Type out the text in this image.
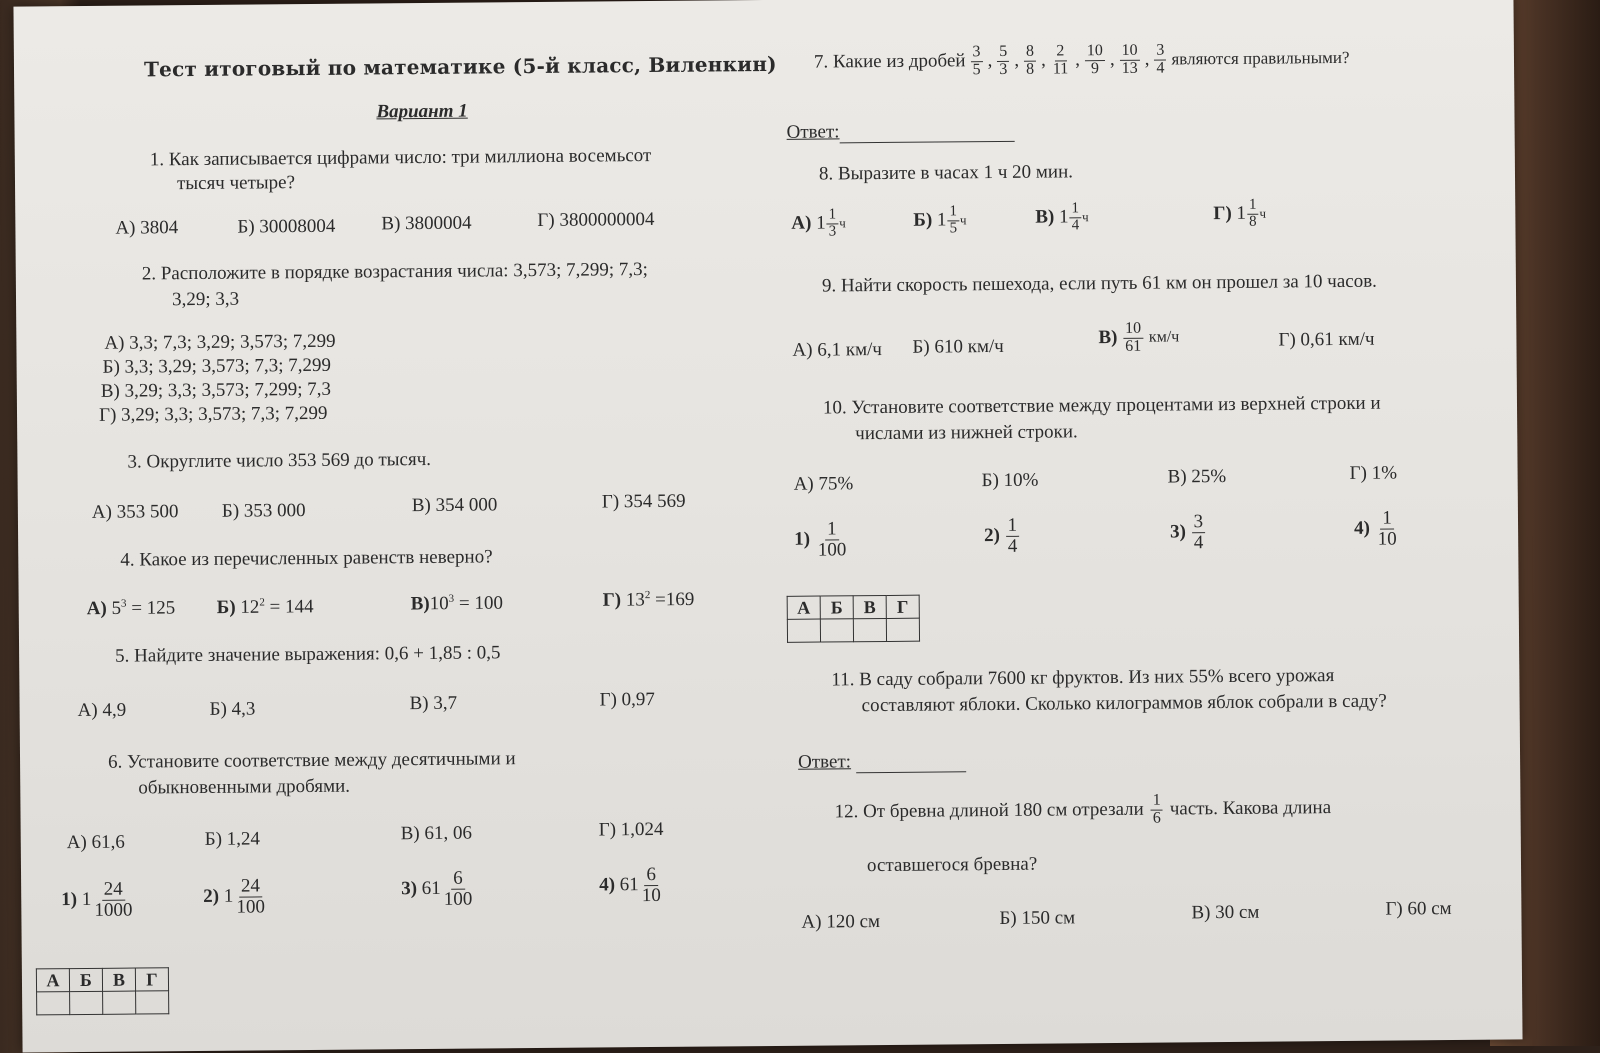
Тест итоговый по математике (5-й класс, Виленкин)
Вариант 1
1. Как записывается цифрами число: три миллиона восемьсот
тысяч четыре?
А) 3804	Б) 30008004 В) 3800004	Г) 3800000004
2. Расположите в порядке возрастания числа: 3,573; 7,299; 7,3;
3,29; 3,3
А) 3,3; 7,3; 3,29; 3,573; 7,299
Б) 3,3; 3,29; 3,573; 7,3; 7,299
В) 3,29; 3,3; 3,573; 7,299; 7,3
Г) 3,29; 3,3; 3,573; 7,3; 7,299
3. Округлите число 353 569 до тысяч.
А) 353 500 Б) 353 000	В) 354 000	Г) 354 569
4. Какое из перечисленных равенств неверно?
А) $5^3 = 125$ Б) $12^2 = 144$	$В)10^3 = 100$	Г) $13^2 =169$
5. Найдите значение выражения: 0,6 + 1,85 : 0,5
А) 4,9	Б) 4,3	В) 3,7	Г) 0,97
6. Установите соответствие между десятичными и
обыкновенными дробями.
А) 61,6	Б) 1,24	В) 61, 06	Г) 1,024
1)
$1 \frac{24}{1000}$	2)
$1 \frac{24}{100}$	3)
$61 \frac{6}{100}$	4)
$61 \frac{6}{10}$
А	Б	В	Г

7. Какие из дробей $\frac{3}{5}$ , $\frac{5}{3}$ , $\frac{8}{8}$ , $\frac{2}{11}$ , $\frac{10}{9}$ , $\frac{10}{13}$ , $\frac{3}{4}$ являются правильными?
Ответ:
8. Выразите в часах 1 ч 20 мин.
А)
$1 \frac{1}{3}$ ч	Б)
$1 \frac{1}{5}$ ч	В)
$1 \frac{1}{4}$ ч	Г)
$1 \frac{1}{8}$ ч
9. Найти скорость пешехода, если путь 61 км он прошел за 10 часов.
А) 6,1 км/ч Б) 610 км/ч	В)
$\frac{10}{61}$
км/ч	Г) 0,61 км/ч
10. Установите соответствие между процентами из верхней строки и
числами из нижней строки.
А) 75%	Б) 10%	В) 25%	Г) 1%
1)
$\frac{1}{100}$	2)
$\frac{1}{4}$	3)
$\frac{3}{4}$	4)
$\frac{1}{10}$
А	Б	В	Г

11. В саду собрали 7600 кг фруктов. Из них 55% всего урожая
составляют яблоки. Сколько килограммов яблок собрали в саду?
Ответ:
12. От бревна длиной 180 см отрезали $\frac{1}{6}$ часть. Какова длина
оставшегося бревна?
А) 120 см	Б) 150 см	В) 30 см	Г) 60 см
